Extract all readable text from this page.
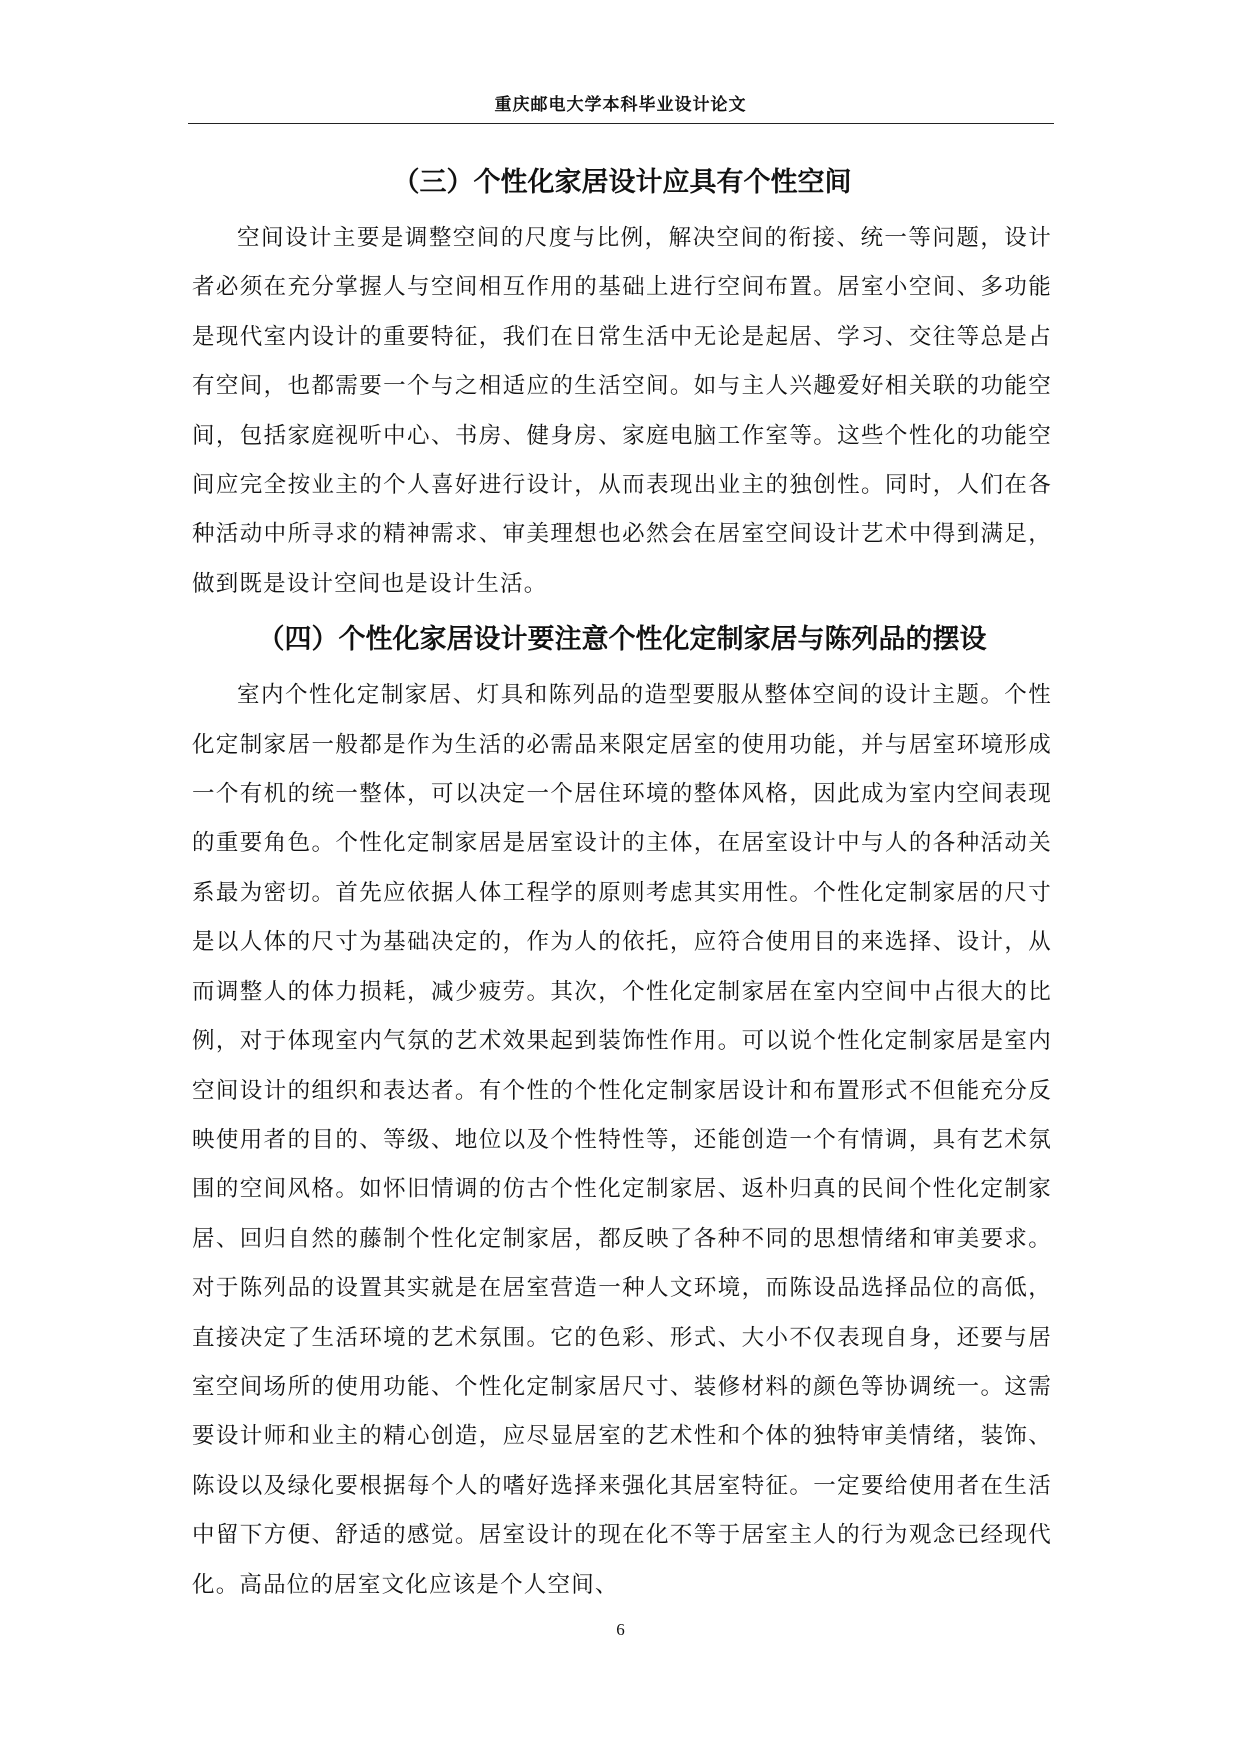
重庆邮电大学本科毕业设计论文
（三）个性化家居设计应具有个性空间

空间设计主要是调整空间的尺度与比例，解决空间的衔接、统一等问题，设计者必须在充分掌握人与空间相互作用的基础上进行空间布置。居室小空间、多功能是现代室内设计的重要特征，我们在日常生活中无论是起居、学习、交往等总是占有空间，也都需要一个与之相适应的生活空间。如与主人兴趣爱好相关联的功能空间，包括家庭视听中心、书房、健身房、家庭电脑工作室等。这些个性化的功能空间应完全按业主的个人喜好进行设计，从而表现出业主的独创性。同时，人们在各种活动中所寻求的精神需求、审美理想也必然会在居室空间设计艺术中得到满足，做到既是设计空间也是设计生活。

（四）个性化家居设计要注意个性化定制家居与陈列品的摆设

室内个性化定制家居、灯具和陈列品的造型要服从整体空间的设计主题。个性化定制家居一般都是作为生活的必需品来限定居室的使用功能，并与居室环境形成一个有机的统一整体，可以决定一个居住环境的整体风格，因此成为室内空间表现的重要角色。个性化定制家居是居室设计的主体，在居室设计中与人的各种活动关系最为密切。首先应依据人体工程学的原则考虑其实用性。个性化定制家居的尺寸是以人体的尺寸为基础决定的，作为人的依托，应符合使用目的来选择、设计，从而调整人的体力损耗，减少疲劳。其次，个性化定制家居在室内空间中占很大的比例，对于体现室内气氛的艺术效果起到装饰性作用。可以说个性化定制家居是室内空间设计的组织和表达者。有个性的个性化定制家居设计和布置形式不但能充分反映使用者的目的、等级、地位以及个性特性等，还能创造一个有情调，具有艺术氛围的空间风格。如怀旧情调的仿古个性化定制家居、返朴归真的民间个性化定制家居、回归自然的藤制个性化定制家居，都反映了各种不同的思想情绪和审美要求。对于陈列品的设置其实就是在居室营造一种人文环境，而陈设品选择品位的高低，直接决定了生活环境的艺术氛围。它的色彩、形式、大小不仅表现自身，还要与居室空间场所的使用功能、个性化定制家居尺寸、装修材料的颜色等协调统一。这需要设计师和业主的精心创造，应尽显居室的艺术性和个体的独特审美情绪，装饰、陈设以及绿化要根据每个人的嗜好选择来强化其居室特征。一定要给使用者在生活中留下方便、舒适的感觉。居室设计的现在化不等于居室主人的行为观念已经现代化。高品位的居室文化应该是个人空间、

6
